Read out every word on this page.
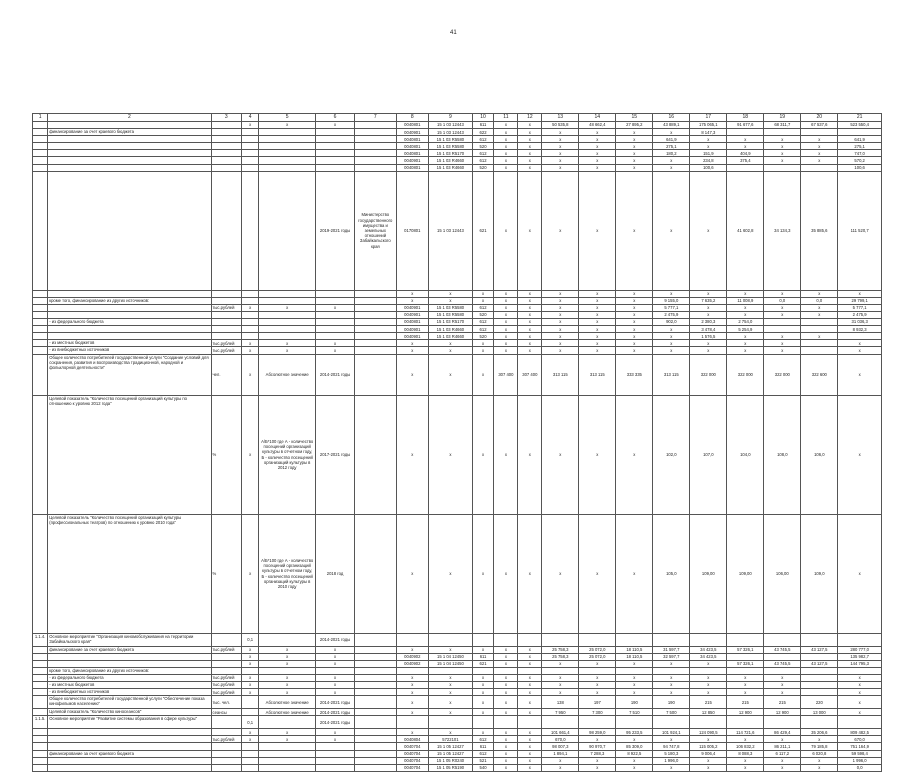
41
1	2	3	4	5	6	7	8	9	10	11	12	13	14	15	16	17	18	19	20	21
			x	x	x		0040801	15 1 03 12443	611	x	x	50 535,8	48 662,4	27 895,2	43 889,1	175 065,1	91 677,6	68 311,7	67 537,6	523 550,4
	финансирование за счет краевого бюджета						0040901	15 1 03 12443	622	x	x	x	x	x	x	8 147,3				
							0040801	15 1 03 R5580	612	x	x	x	x	x	641,9	x	x	x	x	641,9
							0040801	15 1 03 R5580	520	x	x	x	x	x	275,1	x	x	x	x	275,1
							0040801	15 1 03 R5170	612	x	x	x	x	x	180,2	151,9	404,9	x	x	747,0
							0040901	15 1 03 R4660	612	x	x	x	x	x	x	234,8	375,4	x	x	570,2
							0040801	15 1 03 R4660	520	x	x	x	x	x	x	100,6				100,6
					2019-2021 годы	Министерство государственного имущества и земельных отношений Забайкальского края	0170801	15 1 03 12443	621	x	x	x	x	x	x	x	41 602,8	34 134,3	35 885,6	111 520,7
							x	x	x	x	x	x	x	x	x	x	x	x	x	x
	кроме того, финансирование из других источников:						x	x	x	x	x	x	x	x	9 155,0	7 635,2	11 008,9	0,0	0,0	29 799,1
		тыс.рублей	x	x	x		0040901	15 1 03 R5580	612	x	x	x	x	x	5 777,1	x	x	x	x	5 777,1
							0040901	15 1 03 R5580	520	x	x	x	x	x	2 475,9	x	x	x	x	2 475,9
	- из федерального бюджета						0040801	15 1 03 R5170	612	x	x	x	x	x	902,0	2 380,3	2 754,0			31 036,3
							0040901	15 1 03 R4660	612	x	x	x	x	x	x	3 478,4	5 254,9			8 932,3
							0040901	15 1 03 R4660	520	x	x	x	x	x	x	1 576,5	x	x	x	
	- из местных бюджетов	тыс.рублей	x	x	x		x	x	x	x	x	x	x	x	x	x	x	x		x
	- из внебюджетных источников	тыс.рублей	x	x	x		x	x	x	x	x	x	x	x	x	x	x	x		x
	Общее количество потребителей государственной услуги "Создание условий для сохранения, развития и воспроизводства традиционной, народной и фольклорной деятельности"	чел.	x	Абсолютное значение	2014-2021 годы		x	x	x	307 400	307 400	313 115	313 115	333 335	313 115	322 000	322 000	322 000	322 600	x
	Целевой показатель "Количество посещений организаций культуры по отношению к уровню 2012 года"	%	x	A/Б*100 где А - количество посещений организаций культуры в отчетном году, Б - количество посещений организаций культуры в 2012 году	2017-2021 годы		x	x	x	x	x	x	x	x	102,0	107,0	104,0	108,0	106,0	x
	Целевой показатель "Количество посещений организаций культуры (профессиональных театров) по отношению к уровню 2010 года"	%	x	A/Б*100 где А - количество посещений организаций культуры в отчетном году, Б - количество посещений организаций культуры в 2010 году	2018 год		x	x	x	x	x	x	x	x	105,0	109,00	109,00	106,00	109,0	x
1.1.4.	Основное мероприятие "Организация киномобслуживания на территории Забайкальского края"		0,1		2014-2021 годы															
	финансирование за счет краевого бюджета	тыс.рублей	x	x	x		x	x	x	x	x	25 758,3	25 072,0	18 110,5	31 597,7	34 423,5	57 326,1	43 745,5	43 127,5	280 777,0
			x	x	x		0040902	15 1 04 12450	611	x	x	25 758,3	25 072,0	18 110,5	32 597,7	34 423,5				135 982,7
			x	x	x		0040902	15 1 04 12450	621	x	x	x	x	x	x	x	57 326,1	43 745,5	43 127,5	144 795,3
	кроме того, финансирование из других источников:																			
	- из федерального бюджета	тыс.рублей	x	x	x		x	x	x	x	x	x	x	x	x	x	x	x		x
	- из местных бюджетов	тыс.рублей	x	x	x		x	x	x	x	x	x	x	x	x	x	x	x		x
	- из внебюджетных источников	тыс.рублей	x	x	x		x	x	x	x	x	x	x	x	x	x	x	x		x
	Общее количество потребителей государственной услуги "Обеспечение показа кинофильмов населению"	тыс. чел.		Абсолютное значение	2014-2021 годы		x	x	x	x	x	138	197	190	190	215	215	215	220	x
	Целевой показатель "Количество киносеансов"	сеансы		Абсолютное значение	2014-2021 годы		x	x	x	x	x	7 950	7 300	7 510	7 500	12 850	12 900	12 900	13 000	x
1.1.5.	Основное мероприятие "Развитие системы образования в сфере культуры"		0,1		2014-2021 годы															
			x	x	x		x	x	x	x	x	101 661,4	98 259,0	95 233,5	101 924,1	124 090,5	114 721,6	86 429,4	35 206,6	809 482,5
		тыс.рублей	x	x	x		0040804	5722101	612	x	x	670,0	x	x	x	x	x	x	x	670,0
							0040704	15 1 05 12427	611	x	x	98 007,3	90 970,7	85 309,0	94 747,8	115 005,2	106 832,2	86 211,1	79 185,8	751 164,9
	финансирование за счет краевого бюджета						0040704	15 1 05 12427	612	x	x	1 894,1	7 288,3	8 922,5	5 180,3	9 006,4	8 088,3	6 117,2	6 020,8	59 598,4
							0040704	15 1 05 R0240	521	x	x	x	x	x	1 996,0	x	x	x	x	1 996,0
							0040704	15 1 05 R5190	540	x	x	x	x	x	x	x	x	x	x	0,0
